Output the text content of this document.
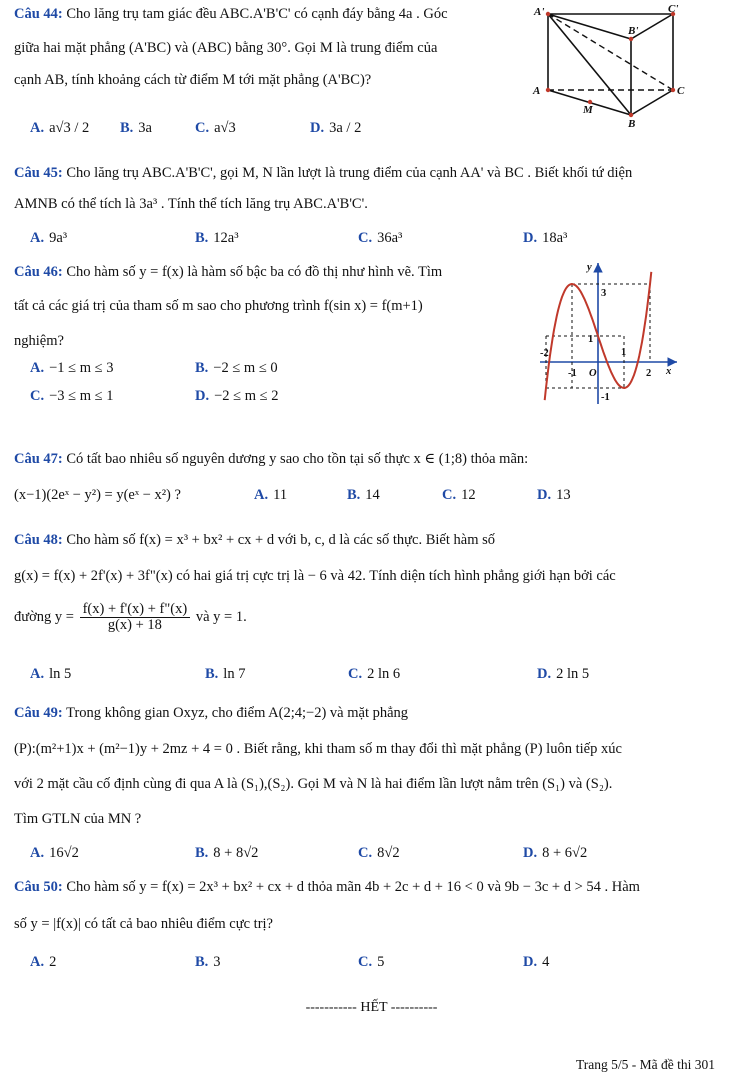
Câu 44: Cho lăng trụ tam giác đều ABC.A'B'C' có cạnh đáy bằng 4a . Góc
giữa hai mặt phẳng (A'BC) và (ABC) bằng 30°. Gọi M là trung điểm của
cạnh AB, tính khoảng cách từ điểm M tới mặt phẳng (A'BC)?
A. a√3 / 2 B. 3a	C. a√3	D. 3a / 2
A'	C'
B'
A	C
M
B
Câu 45: Cho lăng trụ ABC.A'B'C', gọi M, N lần lượt là trung điểm của cạnh AA' và BC . Biết khối tứ diện
AMNB có thể tích là 3a³ . Tính thể tích lăng trụ ABC.A'B'C'.
A. 9a³	B. 12a³	C. 36a³	D. 18a³
Câu 46: Cho hàm số y = f(x) là hàm số bậc ba có đồ thị như hình vẽ. Tìm
tất cả các giá trị của tham số m sao cho phương trình f(sin x) = f(m+1)
nghiệm?
A. −1 ≤ m ≤ 3	B. −2 ≤ m ≤ 0
C. −3 ≤ m ≤ 1	D. −2 ≤ m ≤ 2
y
x
3
1
-2
-1 O
1
2
-1
Câu 47: Có tất bao nhiêu số nguyên dương y sao cho tồn tại số thực x ∈ (1;8) thỏa mãn:
(x−1)(2eˣ − y²) = y(eˣ − x²) ?	A. 11	B. 14	C. 12	D. 13
Câu 48: Cho hàm số f(x) = x³ + bx² + cx + d với b, c, d là các số thực. Biết hàm số
g(x) = f(x) + 2f'(x) + 3f"(x) có hai giá trị cực trị là − 6 và 42. Tính diện tích hình phẳng giới hạn bởi các
đường $y = \frac{f(x) + f'(x) + f"(x)}{g(x) + 18}$ và y = 1.
A. ln 5	B. ln 7	C. 2 ln 6	D. 2 ln 5
Câu 49: Trong không gian Oxyz, cho điểm A(2;4;−2) và mặt phẳng
(P):(m²+1)x + (m²−1)y + 2mz + 4 = 0 . Biết rằng, khi tham số m thay đổi thì mặt phẳng (P) luôn tiếp xúc
với 2 mặt cầu cố định cùng đi qua A là (S₁),(S₂). Gọi M và N là hai điểm lần lượt nằm trên (S₁) và (S₂).
Tìm GTLN của MN ?
A. 16√2	B. 8 + 8√2	C. 8√2	D. 8 + 6√2
Câu 50: Cho hàm số y = f(x) = 2x³ + bx² + cx + d thỏa mãn 4b + 2c + d + 16 < 0 và 9b − 3c + d > 54 . Hàm
số y = |f(x)| có tất cả bao nhiêu điểm cực trị?
A. 2	B. 3	C. 5	D. 4
----------- HẾT ----------
Trang 5/5 - Mã đề thi 301
